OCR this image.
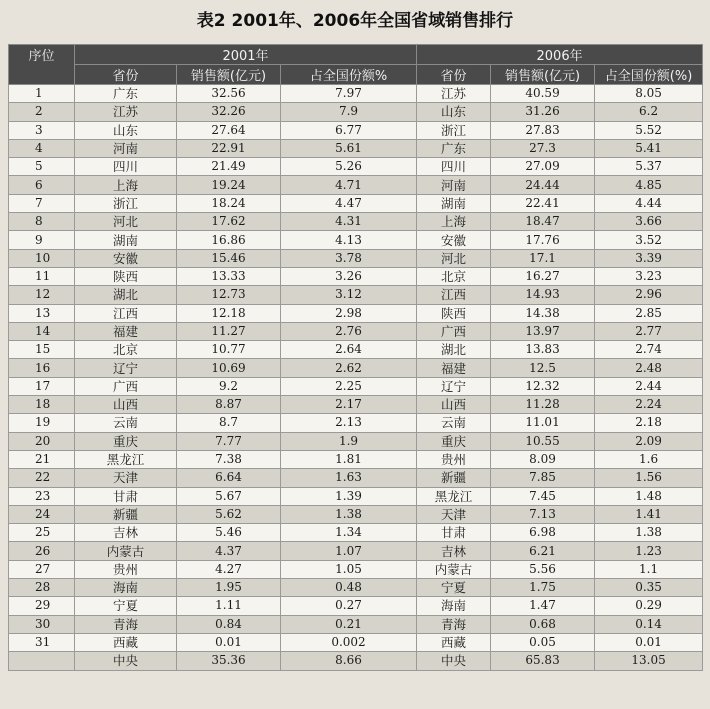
表2 2001年、2006年全国省域销售排行
序位	2001年			2006年		
	省份	销售额(亿元)	占全国份额%	省份	销售额(亿元)	占全国份额(%)
1	广东	32.56	7.97	江苏	40.59	8.05
2	江苏	32.26	7.9	山东	31.26	6.2
3	山东	27.64	6.77	浙江	27.83	5.52
4	河南	22.91	5.61	广东	27.3	5.41
5	四川	21.49	5.26	四川	27.09	5.37
6	上海	19.24	4.71	河南	24.44	4.85
7	浙江	18.24	4.47	湖南	22.41	4.44
8	河北	17.62	4.31	上海	18.47	3.66
9	湖南	16.86	4.13	安徽	17.76	3.52
10	安徽	15.46	3.78	河北	17.1	3.39
11	陕西	13.33	3.26	北京	16.27	3.23
12	湖北	12.73	3.12	江西	14.93	2.96
13	江西	12.18	2.98	陕西	14.38	2.85
14	福建	11.27	2.76	广西	13.97	2.77
15	北京	10.77	2.64	湖北	13.83	2.74
16	辽宁	10.69	2.62	福建	12.5	2.48
17	广西	9.2	2.25	辽宁	12.32	2.44
18	山西	8.87	2.17	山西	11.28	2.24
19	云南	8.7	2.13	云南	11.01	2.18
20	重庆	7.77	1.9	重庆	10.55	2.09
21	黑龙江	7.38	1.81	贵州	8.09	1.6
22	天津	6.64	1.63	新疆	7.85	1.56
23	甘肃	5.67	1.39	黑龙江	7.45	1.48
24	新疆	5.62	1.38	天津	7.13	1.41
25	吉林	5.46	1.34	甘肃	6.98	1.38
26	内蒙古	4.37	1.07	吉林	6.21	1.23
27	贵州	4.27	1.05	内蒙古	5.56	1.1
28	海南	1.95	0.48	宁夏	1.75	0.35
29	宁夏	1.11	0.27	海南	1.47	0.29
30	青海	0.84	0.21	青海	0.68	0.14
31	西藏	0.01	0.002	西藏	0.05	0.01
	中央	35.36	8.66	中央	65.83	13.05
